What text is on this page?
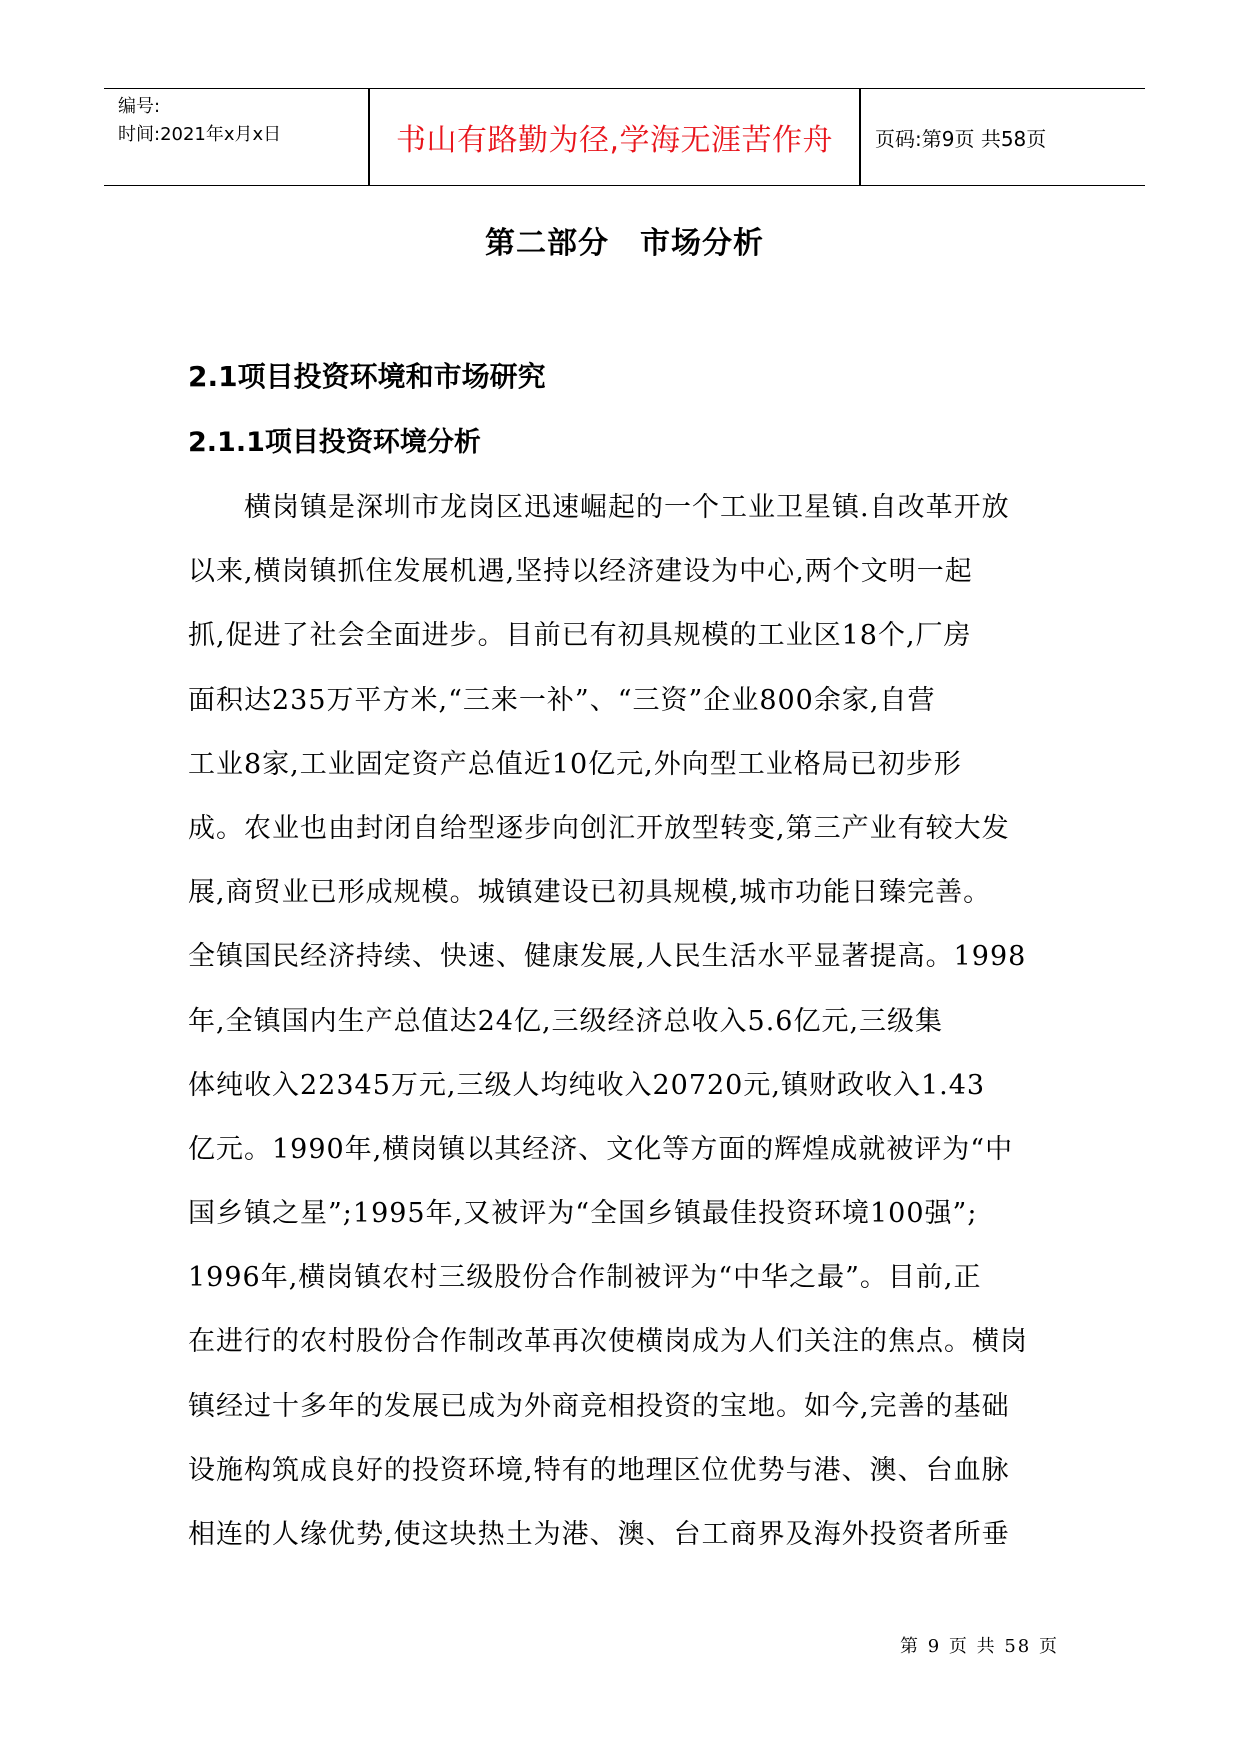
编号:
时间:2021年x月x日	书山有路勤为径,学海无涯苦作舟	页码:第9页 共58页
第二部分　市场分析
2.1项目投资环境和市场研究
2.1.1项目投资环境分析
　　横岗镇是深圳市龙岗区迅速崛起的一个工业卫星镇.自改革开放
以来,横岗镇抓住发展机遇,坚持以经济建设为中心,两个文明一起
抓,促进了社会全面进步。目前已有初具规模的工业区18个,厂房
面积达235万平方米,“三来一补”、“三资”企业800余家,自营
工业8家,工业固定资产总值近10亿元,外向型工业格局已初步形
成。农业也由封闭自给型逐步向创汇开放型转变,第三产业有较大发
展,商贸业已形成规模。城镇建设已初具规模,城市功能日臻完善。
全镇国民经济持续、快速、健康发展,人民生活水平显著提高。1998
年,全镇国内生产总值达24亿,三级经济总收入5.6亿元,三级集
体纯收入22345万元,三级人均纯收入20720元,镇财政收入1.43
亿元。1990年,横岗镇以其经济、文化等方面的辉煌成就被评为“中
国乡镇之星”;1995年,又被评为“全国乡镇最佳投资环境100强”;
1996年,横岗镇农村三级股份合作制被评为“中华之最”。目前,正
在进行的农村股份合作制改革再次使横岗成为人们关注的焦点。横岗
镇经过十多年的发展已成为外商竞相投资的宝地。如今,完善的基础
设施构筑成良好的投资环境,特有的地理区位优势与港、澳、台血脉
相连的人缘优势,使这块热土为港、澳、台工商界及海外投资者所垂
第 9 页 共 58 页
